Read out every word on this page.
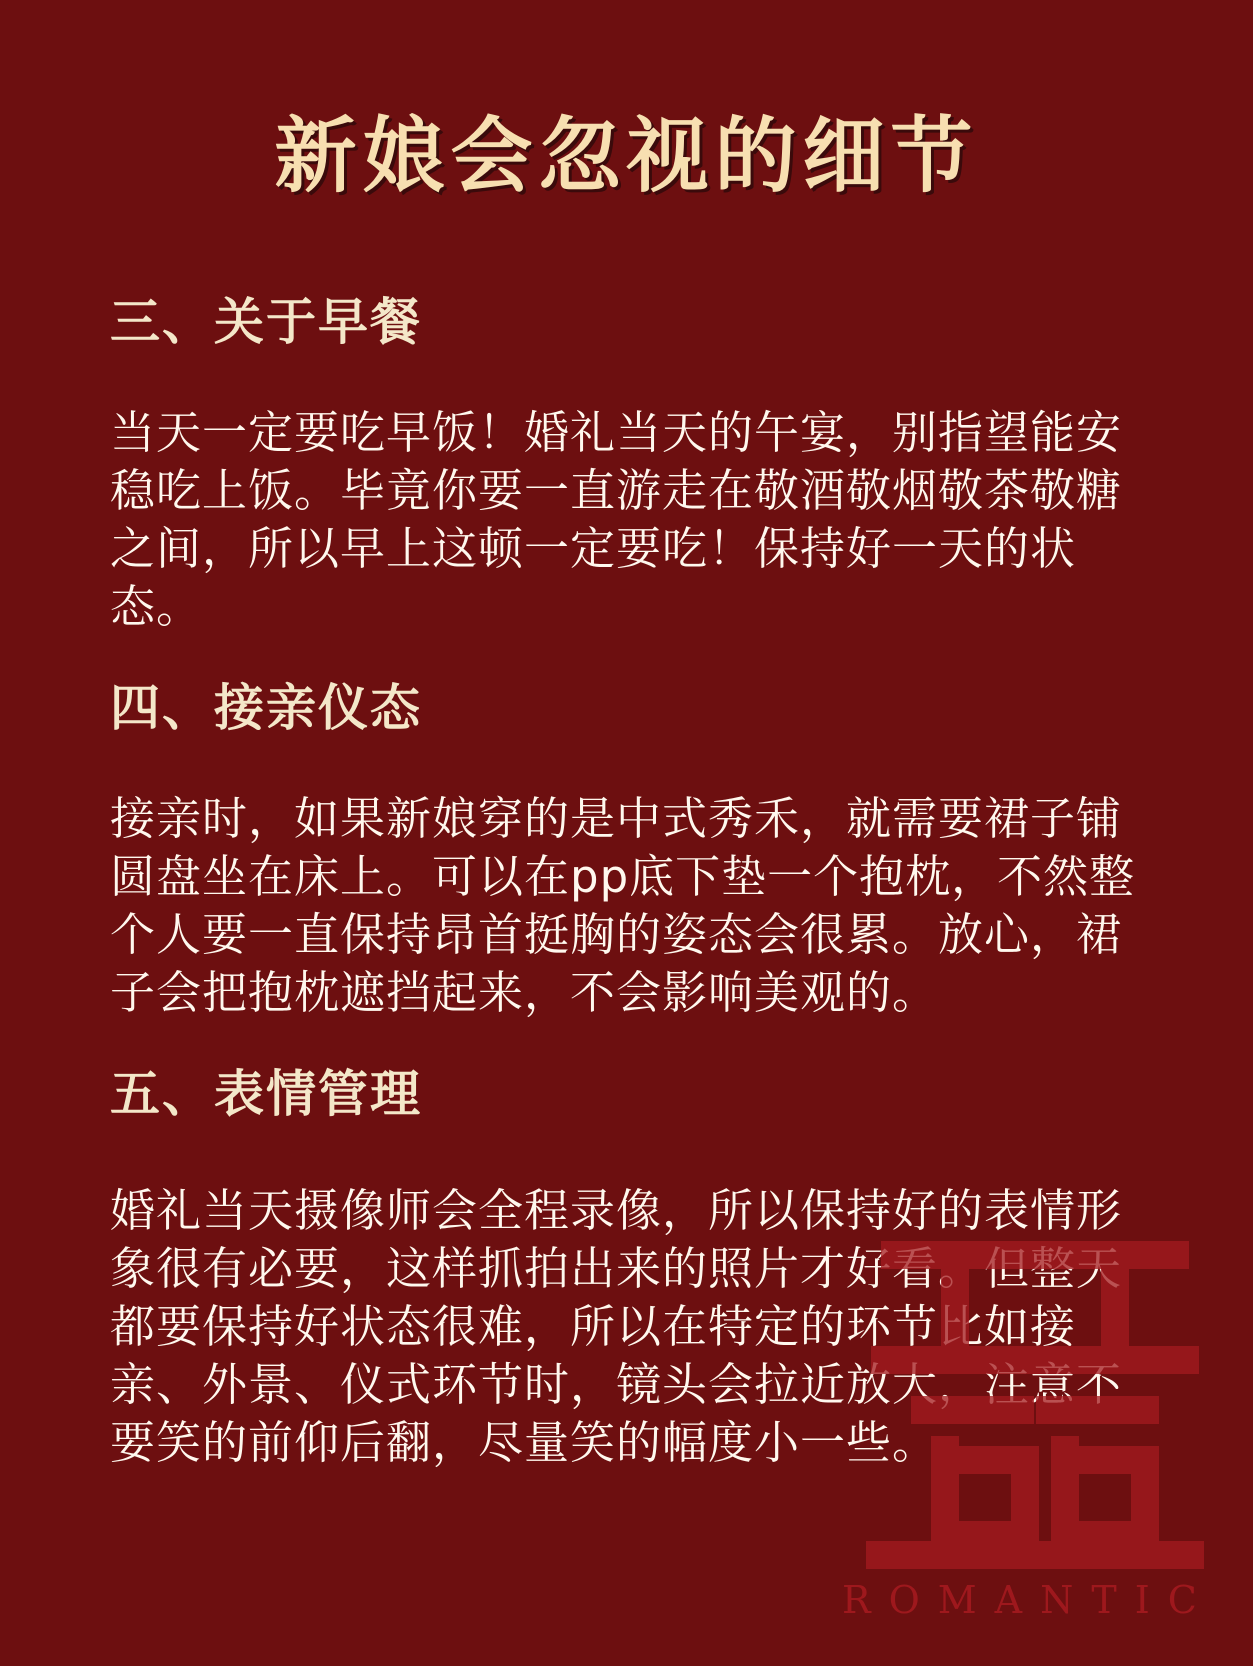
新娘会忽视的细节
三、关于早餐

当天一定要吃早饭！婚礼当天的午宴，别指望能安稳吃上饭。毕竟你要一直游走在敬酒敬烟敬茶敬糖之间，所以早上这顿一定要吃！保持好一天的状态。

四、接亲仪态

接亲时，如果新娘穿的是中式秀禾，就需要裙子铺圆盘坐在床上。可以在pp底下垫一个抱枕，不然整个人要一直保持昂首挺胸的姿态会很累。放心，裙子会把抱枕遮挡起来，不会影响美观的。

五、表情管理

婚礼当天摄像师会全程录像，所以保持好的表情形象很有必要，这样抓拍出来的照片才好看。但整天都要保持好状态很难，所以在特定的环节比如接亲、外景、仪式环节时，镜头会拉近放大，注意不要笑的前仰后翻，尽量笑的幅度小一些。

ROMANTIC
